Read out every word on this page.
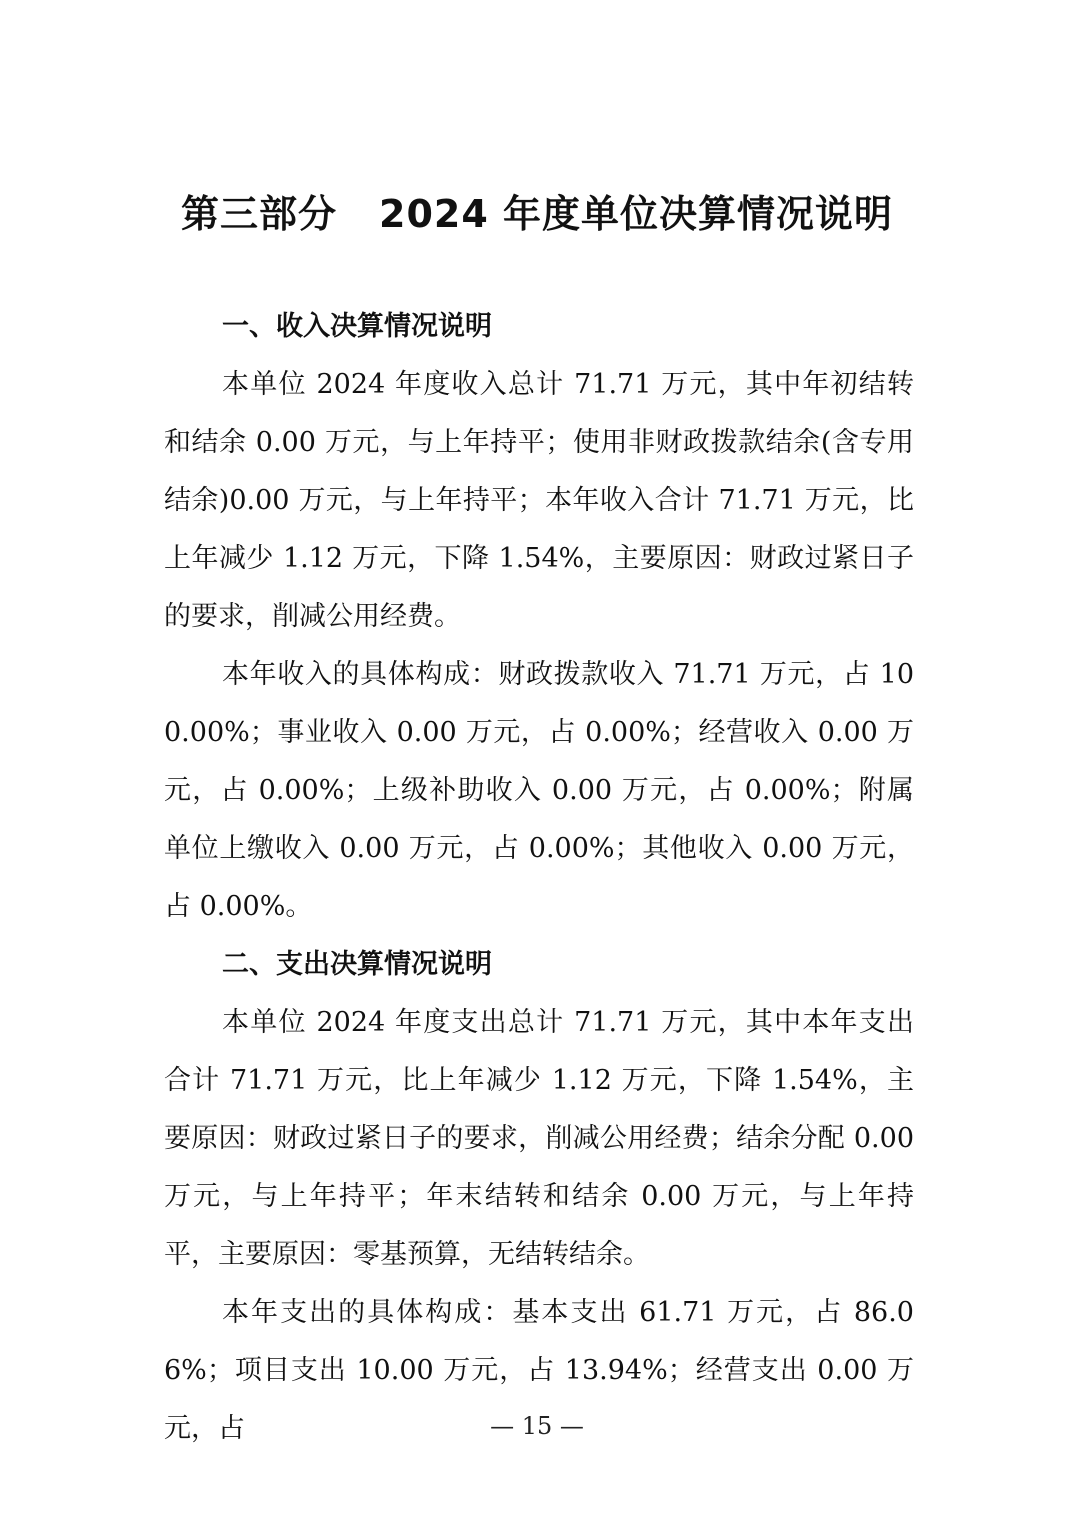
第三部分 2024 年度单位决算情况说明

一、收入决算情况说明

本单位 2024 年度收入总计 71.71 万元，其中年初结转和结余 0.00 万元，与上年持平；使用非财政拨款结余(含专用结余)0.00 万元，与上年持平；本年收入合计 71.71 万元，比上年减少 1.12 万元，下降 1.54%，主要原因：财政过紧日子的要求，削减公用经费。

本年收入的具体构成：财政拨款收入 71.71 万元，占 100.00%；事业收入 0.00 万元，占 0.00%；经营收入 0.00 万元，占 0.00%；上级补助收入 0.00 万元，占 0.00%；附属单位上缴收入 0.00 万元，占 0.00%；其他收入 0.00 万元，占 0.00%。

二、支出决算情况说明

本单位 2024 年度支出总计 71.71 万元，其中本年支出合计 71.71 万元，比上年减少 1.12 万元，下降 1.54%，主要原因：财政过紧日子的要求，削减公用经费；结余分配 0.00 万元，与上年持平；年末结转和结余 0.00 万元，与上年持平，主要原因：零基预算，无结转结余。

本年支出的具体构成：基本支出 61.71 万元，占 86.06%；项目支出 10.00 万元，占 13.94%；经营支出 0.00 万元，占	— 15 —
